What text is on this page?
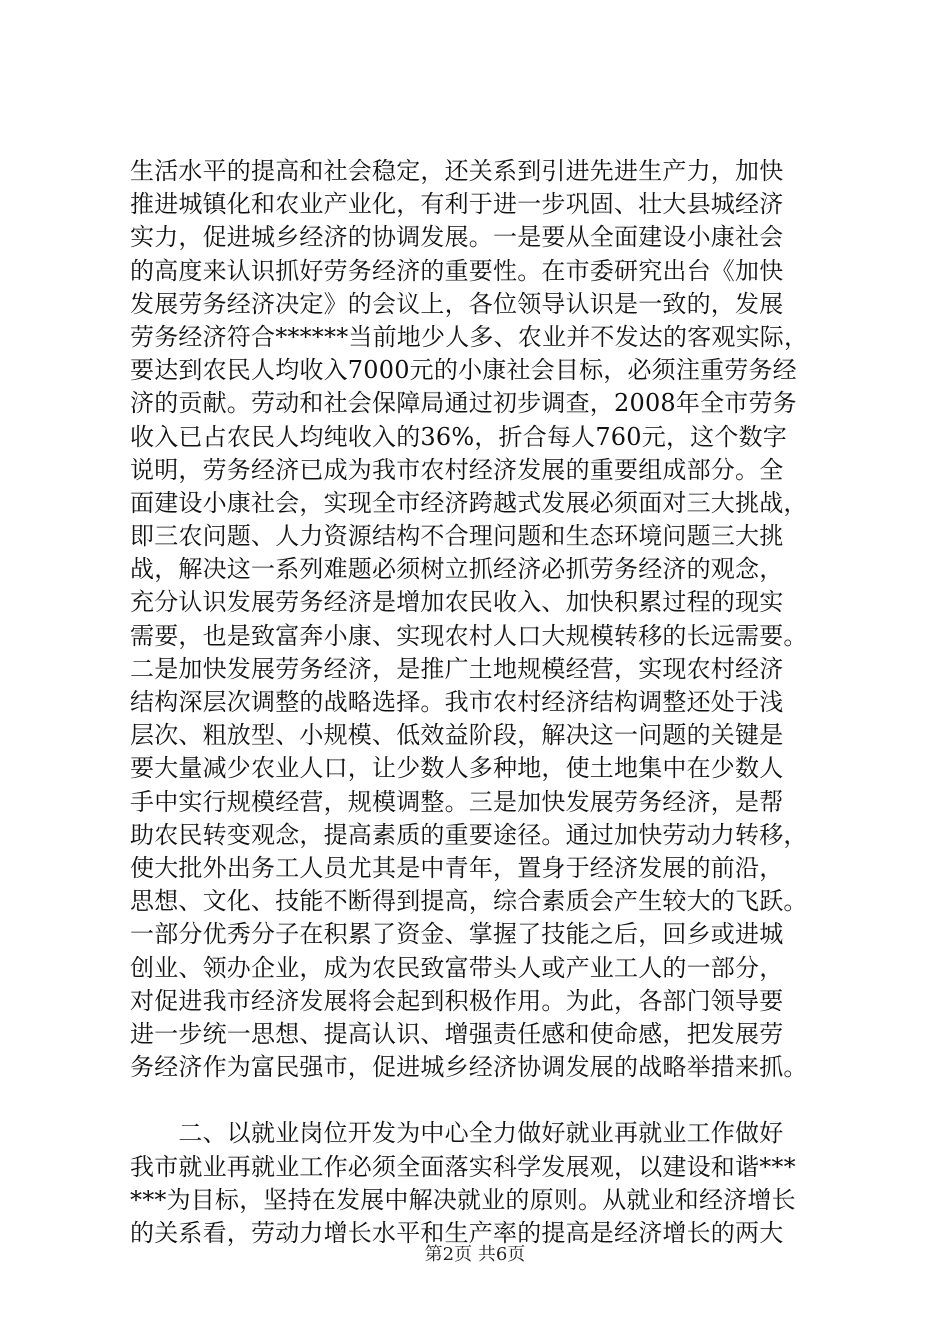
生活水平的提高和社会稳定，还关系到引进先进生产力，加快
推进城镇化和农业产业化，有利于进一步巩固、壮大县城经济
实力，促进城乡经济的协调发展。一是要从全面建设小康社会
的高度来认识抓好劳务经济的重要性。在市委研究出台《加快
发展劳务经济决定》的会议上，各位领导认识是一致的，发展
劳务经济符合******当前地少人多、农业并不发达的客观实际，
要达到农民人均收入7000元的小康社会目标，必须注重劳务经
济的贡献。劳动和社会保障局通过初步调查，2008年全市劳务
收入已占农民人均纯收入的36%，折合每人760元，这个数字
说明，劳务经济已成为我市农村经济发展的重要组成部分。全
面建设小康社会，实现全市经济跨越式发展必须面对三大挑战，
即三农问题、人力资源结构不合理问题和生态环境问题三大挑
战，解决这一系列难题必须树立抓经济必抓劳务经济的观念，
充分认识发展劳务经济是增加农民收入、加快积累过程的现实
需要，也是致富奔小康、实现农村人口大规模转移的长远需要。
二是加快发展劳务经济，是推广土地规模经营，实现农村经济
结构深层次调整的战略选择。我市农村经济结构调整还处于浅
层次、粗放型、小规模、低效益阶段，解决这一问题的关键是
要大量减少农业人口，让少数人多种地，使土地集中在少数人
手中实行规模经营，规模调整。三是加快发展劳务经济，是帮
助农民转变观念，提高素质的重要途径。通过加快劳动力转移，
使大批外出务工人员尤其是中青年，置身于经济发展的前沿，
思想、文化、技能不断得到提高，综合素质会产生较大的飞跃。
一部分优秀分子在积累了资金、掌握了技能之后，回乡或进城
创业、领办企业，成为农民致富带头人或产业工人的一部分，
对促进我市经济发展将会起到积极作用。为此，各部门领导要
进一步统一思想、提高认识、增强责任感和使命感，把发展劳
务经济作为富民强市，促进城乡经济协调发展的战略举措来抓。
　　二、以就业岗位开发为中心全力做好就业再就业工作做好
我市就业再就业工作必须全面落实科学发展观，以建设和谐***
***为目标，坚持在发展中解决就业的原则。从就业和经济增长
的关系看，劳动力增长水平和生产率的提高是经济增长的两大
第2页 共6页
